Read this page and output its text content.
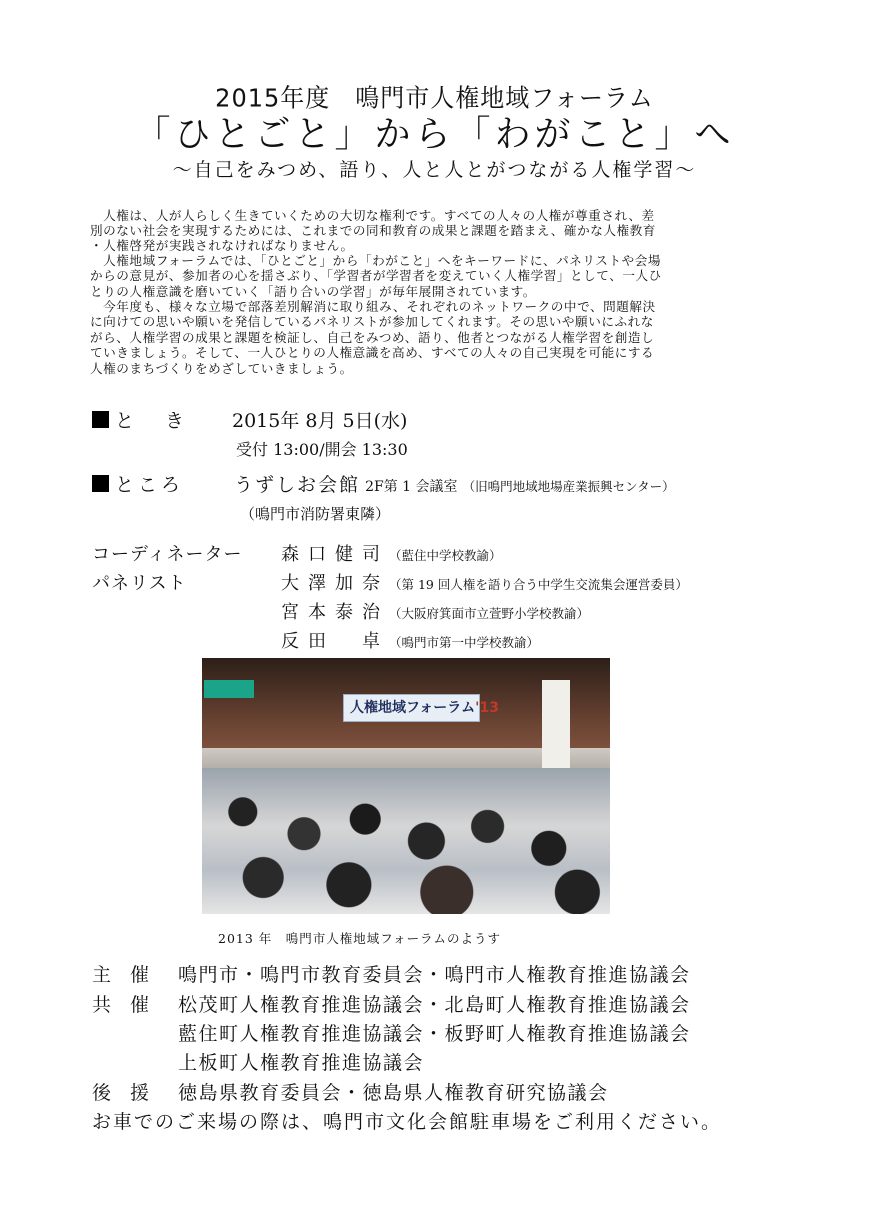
2015年度　鳴門市人権地域フォーラム
「ひとごと」から「わがこと」へ
～自己をみつめ、語り、人と人とがつながる人権学習～
　人権は、人が人らしく生きていくための大切な権利です。すべての人々の人権が尊重され、差
別のない社会を実現するためには、これまでの同和教育の成果と課題を踏まえ、確かな人権教育
・人権啓発が実践されなければなりません。
　人権地域フォーラムでは、「ひとごと」から「わがこと」へをキーワードに、パネリストや会場
からの意見が、参加者の心を揺さぶり、「学習者が学習者を変えていく人権学習」として、一人ひ
とりの人権意識を磨いていく「語り合いの学習」が毎年展開されています。
　今年度も、様々な立場で部落差別解消に取り組み、それぞれのネットワークの中で、問題解決
に向けての思いや願いを発信しているパネリストが参加してくれます。その思いや願いにふれな
がら、人権学習の成果と課題を検証し、自己をみつめ、語り、他者とつながる人権学習を創造し
ていきましょう。そして、一人ひとりの人権意識を高め、すべての人々の自己実現を可能にする
人権のまちづくりをめざしていきましょう。
と　き 2015年 8月 5日(水)
受付 13:00/開会 13:30
ところ	うずしお会館 2F第 1 会議室 （旧鳴門地域地場産業振興センター）
（鳴門市消防署東隣）
コーディネーター
パネリスト
森口健司（藍住中学校教諭）
大澤加奈（第 19 回人権を語り合う中学生交流集会運営委員）
宮本泰治（大阪府箕面市立萱野小学校教諭）
反田　卓（鳴門市第一中学校教諭）
人権地域フォーラム'13
2013 年　鳴門市人権地域フォーラムのようす
主　催 鳴門市・鳴門市教育委員会・鳴門市人権教育推進協議会
共　催 松茂町人権教育推進協議会・北島町人権教育推進協議会
藍住町人権教育推進協議会・板野町人権教育推進協議会
上板町人権教育推進協議会
後　援 徳島県教育委員会・徳島県人権教育研究協議会
お車でのご来場の際は、鳴門市文化会館駐車場をご利用ください。
